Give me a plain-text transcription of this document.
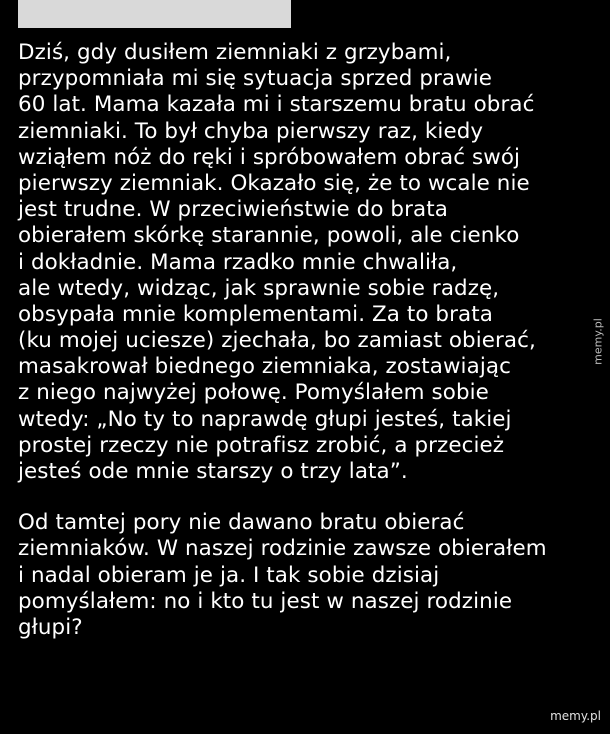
Dziś, gdy dusiłem ziemniaki z grzybami,
przypomniała mi się sytuacja sprzed prawie
60 lat. Mama kazała mi i starszemu bratu obrać
ziemniaki. To był chyba pierwszy raz, kiedy
wziąłem nóż do ręki i spróbowałem obrać swój
pierwszy ziemniak. Okazało się, że to wcale nie
jest trudne. W przeciwieństwie do brata
obierałem skórkę starannie, powoli, ale cienko
i dokładnie. Mama rzadko mnie chwaliła,
ale wtedy, widząc, jak sprawnie sobie radzę,
obsypała mnie komplementami. Za to brata
(ku mojej uciesze) zjechała, bo zamiast obierać,
masakrował biednego ziemniaka, zostawiając
z niego najwyżej połowę. Pomyślałem sobie
wtedy: „No ty to naprawdę głupi jesteś, takiej
prostej rzeczy nie potrafisz zrobić, a przecież
jesteś ode mnie starszy o trzy lata”.
Od tamtej pory nie dawano bratu obierać
ziemniaków. W naszej rodzinie zawsze obierałem
i nadal obieram je ja. I tak sobie dzisiaj
pomyślałem: no i kto tu jest w naszej rodzinie
głupi?
memy.pl
memy.pl
